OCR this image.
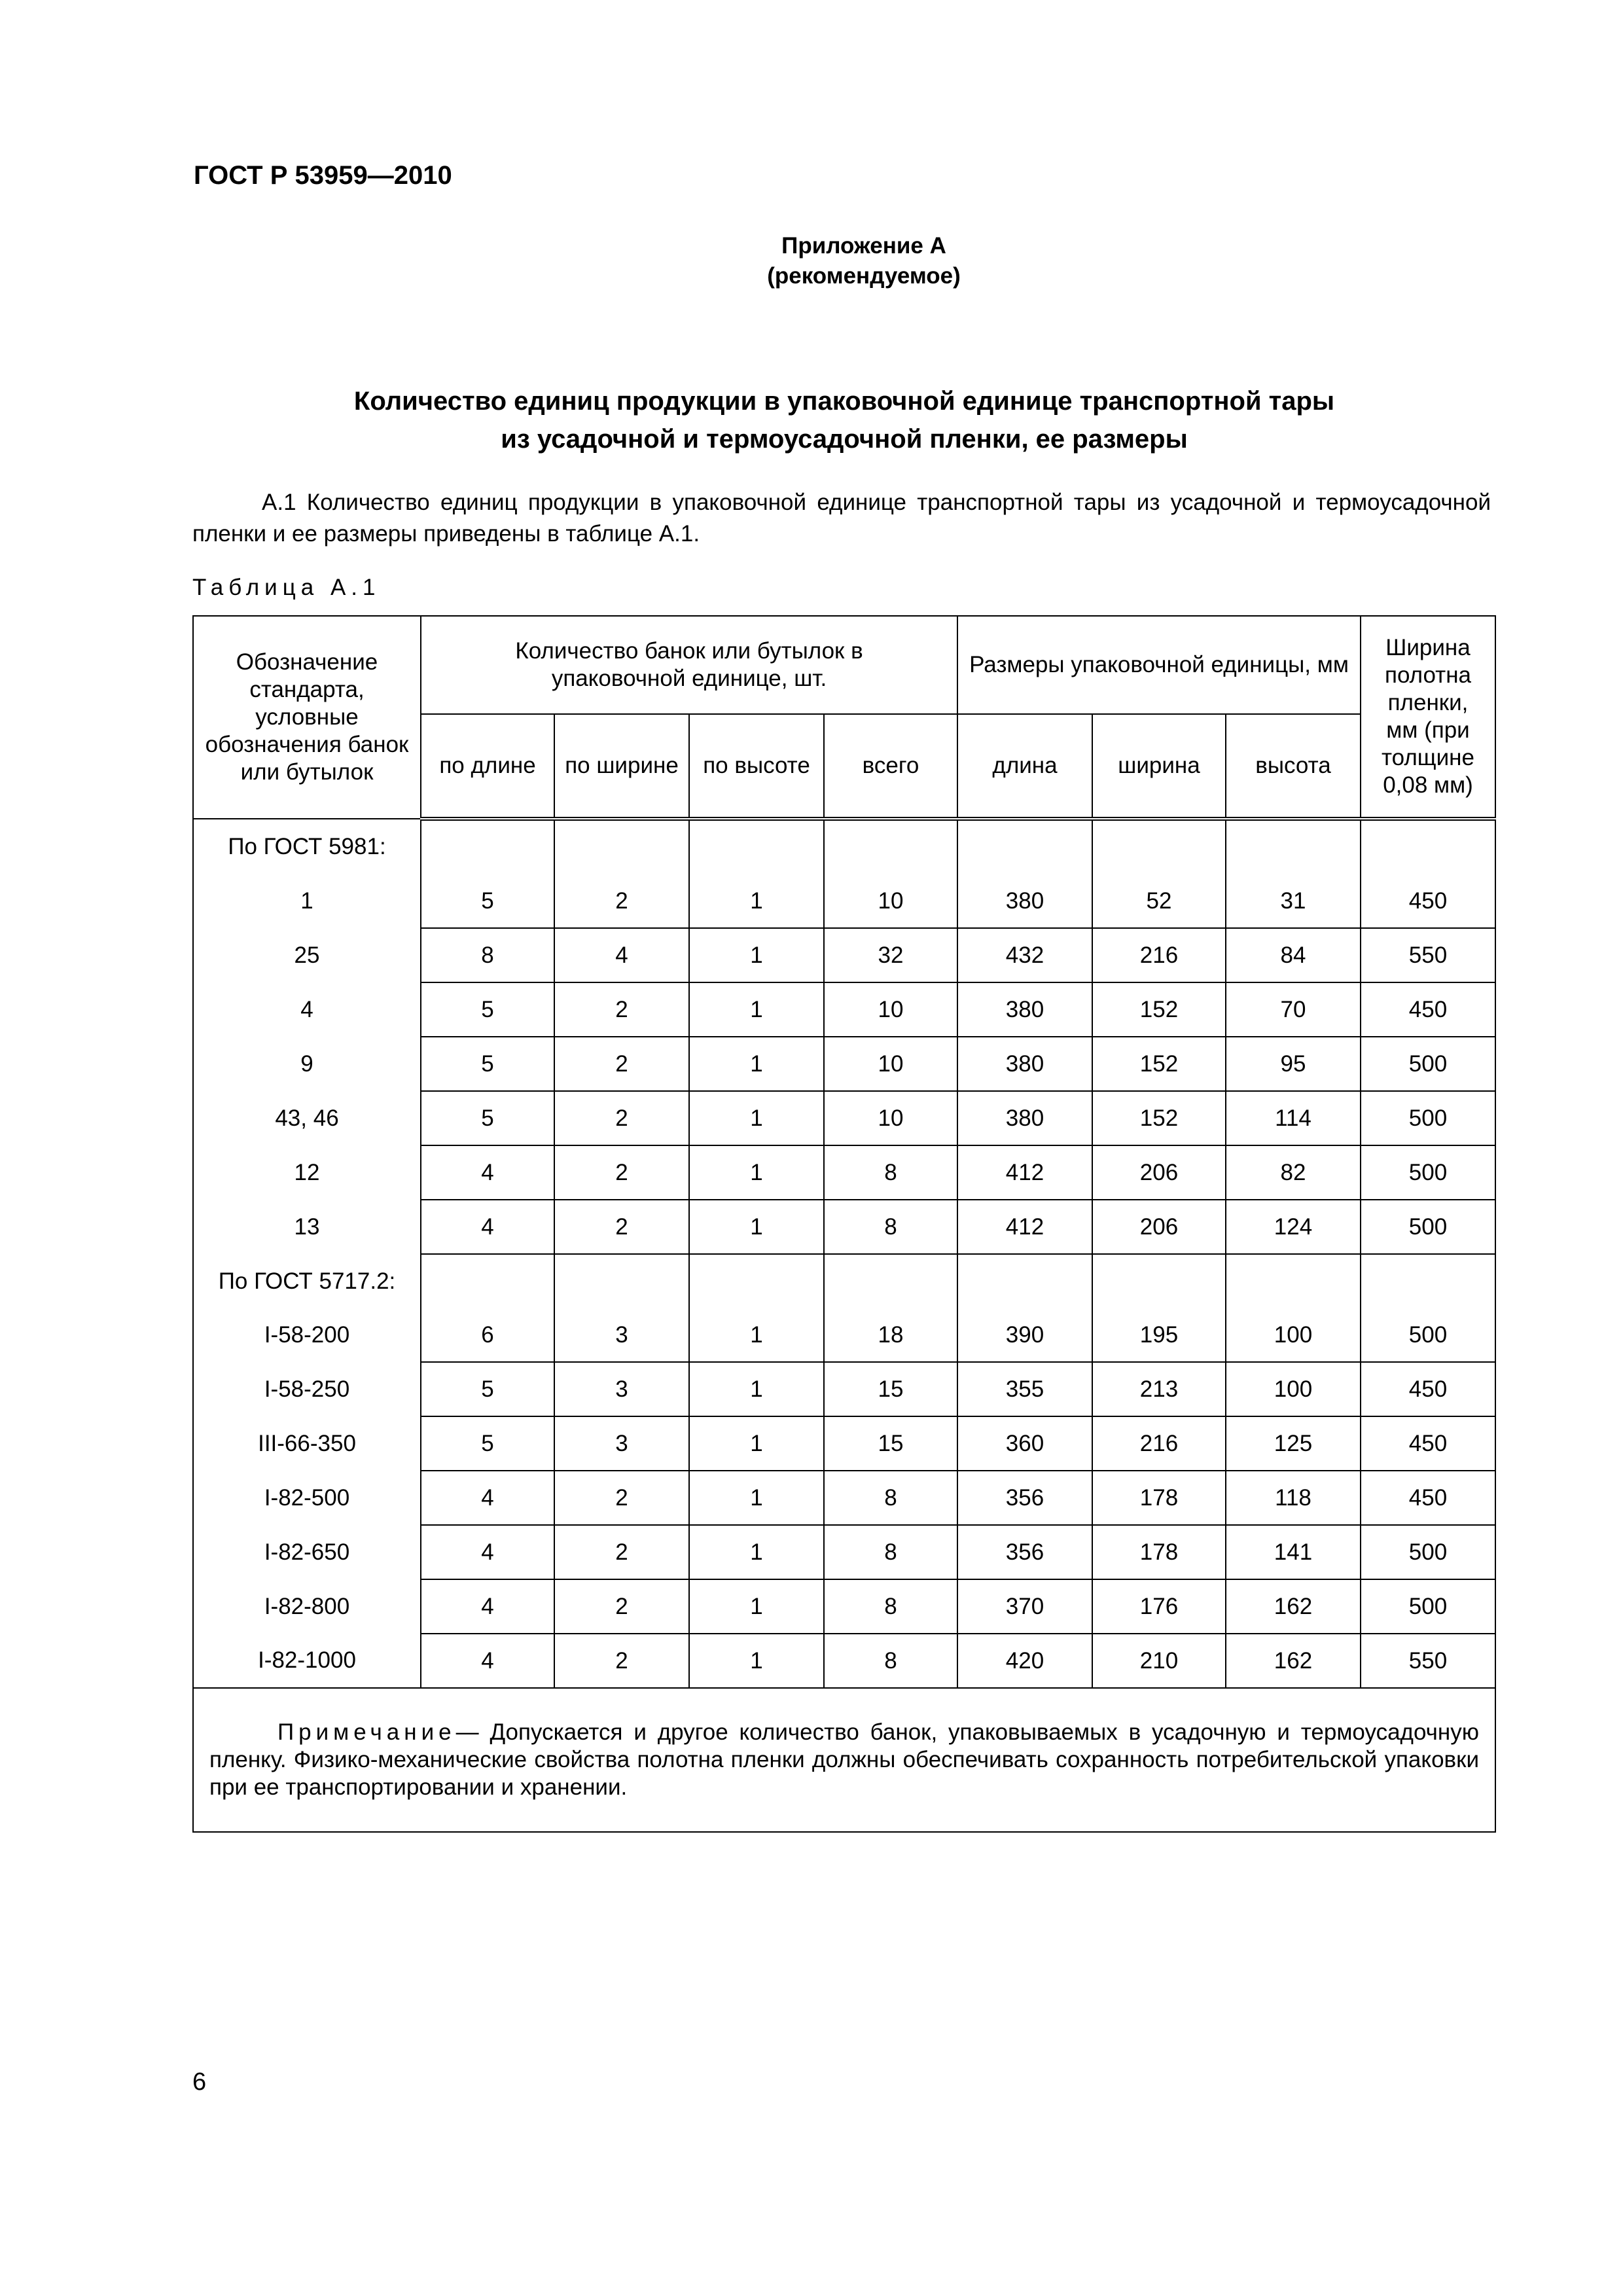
ГОСТ Р 53959—2010
Приложение А
(рекомендуемое)
Количество единиц продукции в упаковочной единице транспортной тары
из усадочной и термоусадочной пленки, ее размеры
А.1 Количество единиц продукции в упаковочной единице транспортной тары из усадочной и термоусадочной пленки и ее размеры приведены в таблице А.1.
Таблица А.1
Обозначение стандарта, условные обозначения банок или бутылок	Количество банок или бутылок в упаковочной единице, шт.				Размеры упаковочной единицы, мм			Ширина полотна пленки, мм (при толщине 0,08 мм)
	по длине	по ширине	по высоте	всего	длина	ширина	высота	
По ГОСТ 5981:								
1	5	2	1	10	380	52	31	450
25	8	4	1	32	432	216	84	550
4	5	2	1	10	380	152	70	450
9	5	2	1	10	380	152	95	500
43, 46	5	2	1	10	380	152	114	500
12	4	2	1	8	412	206	82	500
13	4	2	1	8	412	206	124	500
По ГОСТ 5717.2:								
I-58-200	6	3	1	18	390	195	100	500
I-58-250	5	3	1	15	355	213	100	450
III-66-350	5	3	1	15	360	216	125	450
I-82-500	4	2	1	8	356	178	118	450
I-82-650	4	2	1	8	356	178	141	500
I-82-800	4	2	1	8	370	176	162	500
I-82-1000	4	2	1	8	420	210	162	550
Примечание— Допускается и другое количество банок, упаковываемых в усадочную и термоусадочную пленку. Физико-механические свойства полотна пленки должны обеспечивать сохранность потребительской упаковки при ее транспортировании и хранении.								
6
